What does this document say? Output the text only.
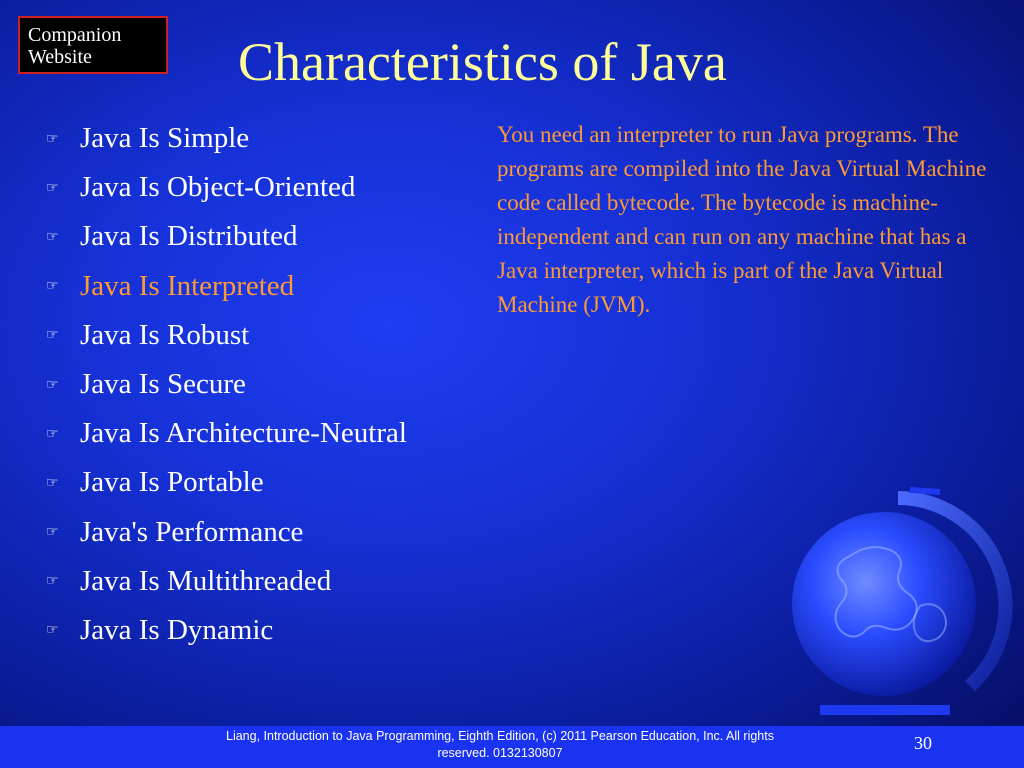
Companion
Website	Characteristics of Java
☞ Java Is Simple
☞ Java Is Object-Oriented
☞ Java Is Distributed
☞ Java Is Interpreted
☞ Java Is Robust
☞ Java Is Secure
☞ Java Is Architecture-Neutral
☞ Java Is Portable
☞ Java's Performance
☞ Java Is Multithreaded
☞ Java Is Dynamic

You need an interpreter to run Java programs. The programs are compiled into the Java Virtual Machine code called bytecode. The bytecode is machine-independent and can run on any machine that has a Java interpreter, which is part of the Java Virtual Machine (JVM).

Liang, Introduction to Java Programming, Eighth Edition, (c) 2011 Pearson Education, Inc. All rights reserved. 0132130807	30
